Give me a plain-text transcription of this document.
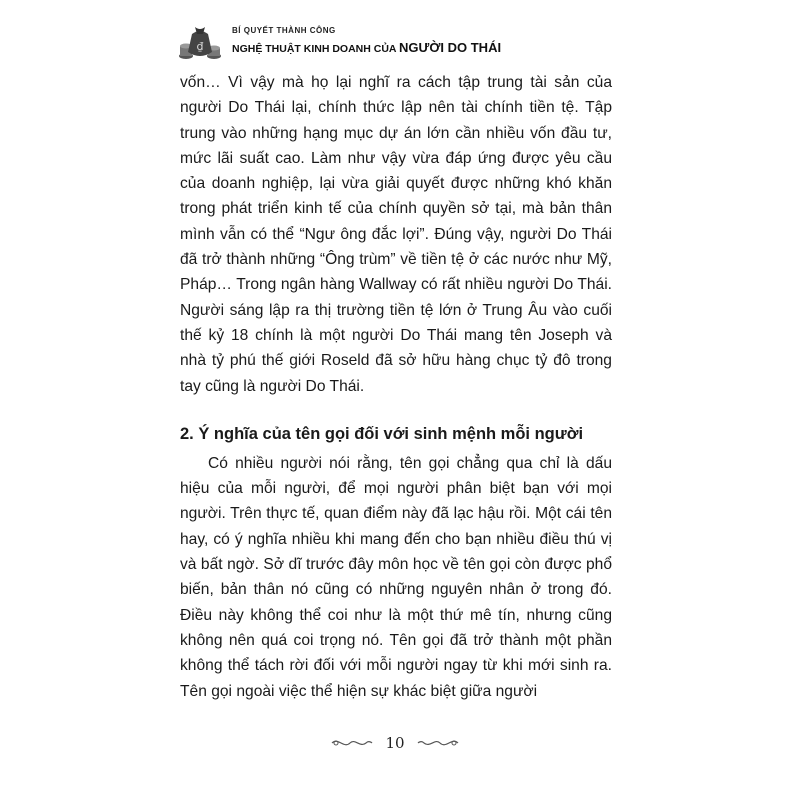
₫
BÍ QUYẾT THÀNH CÔNG
NGHỆ THUẬT KINH DOANH CỦA NGƯỜI DO THÁI

vốn… Vì vậy mà họ lại nghĩ ra cách tập trung tài sản của người Do Thái lại, chính thức lập nên tài chính tiền tệ. Tập trung vào những hạng mục dự án lớn cần nhiều vốn đầu tư, mức lãi suất cao. Làm như vậy vừa đáp ứng được yêu cầu của doanh nghiệp, lại vừa giải quyết được những khó khăn trong phát triển kinh tế của chính quyền sở tại, mà bản thân mình vẫn có thể “Ngư ông đắc lợi”. Đúng vậy, người Do Thái đã trở thành những “Ông trùm” về tiền tệ ở các nước như Mỹ, Pháp… Trong ngân hàng Wallway có rất nhiều người Do Thái. Người sáng lập ra thị trường tiền tệ lớn ở Trung Âu vào cuối thế kỷ 18 chính là một người Do Thái mang tên Joseph và nhà tỷ phú thế giới Roseld đã sở hữu hàng chục tỷ đô trong tay cũng là người Do Thái.

2. Ý nghĩa của tên gọi đối với sinh mệnh mỗi người

Có nhiều người nói rằng, tên gọi chẳng qua chỉ là dấu hiệu của mỗi người, để mọi người phân biệt bạn với mọi người. Trên thực tế, quan điểm này đã lạc hậu rồi. Một cái tên hay, có ý nghĩa nhiều khi mang đến cho bạn nhiều điều thú vị và bất ngờ. Sở dĩ trước đây môn học về tên gọi còn được phổ biến, bản thân nó cũng có những nguyên nhân ở trong đó. Điều này không thể coi như là một thứ mê tín, nhưng cũng không nên quá coi trọng nó. Tên gọi đã trở thành một phần không thể tách rời đối với mỗi người ngay từ khi mới sinh ra. Tên gọi ngoài việc thể hiện sự khác biệt giữa người

10
